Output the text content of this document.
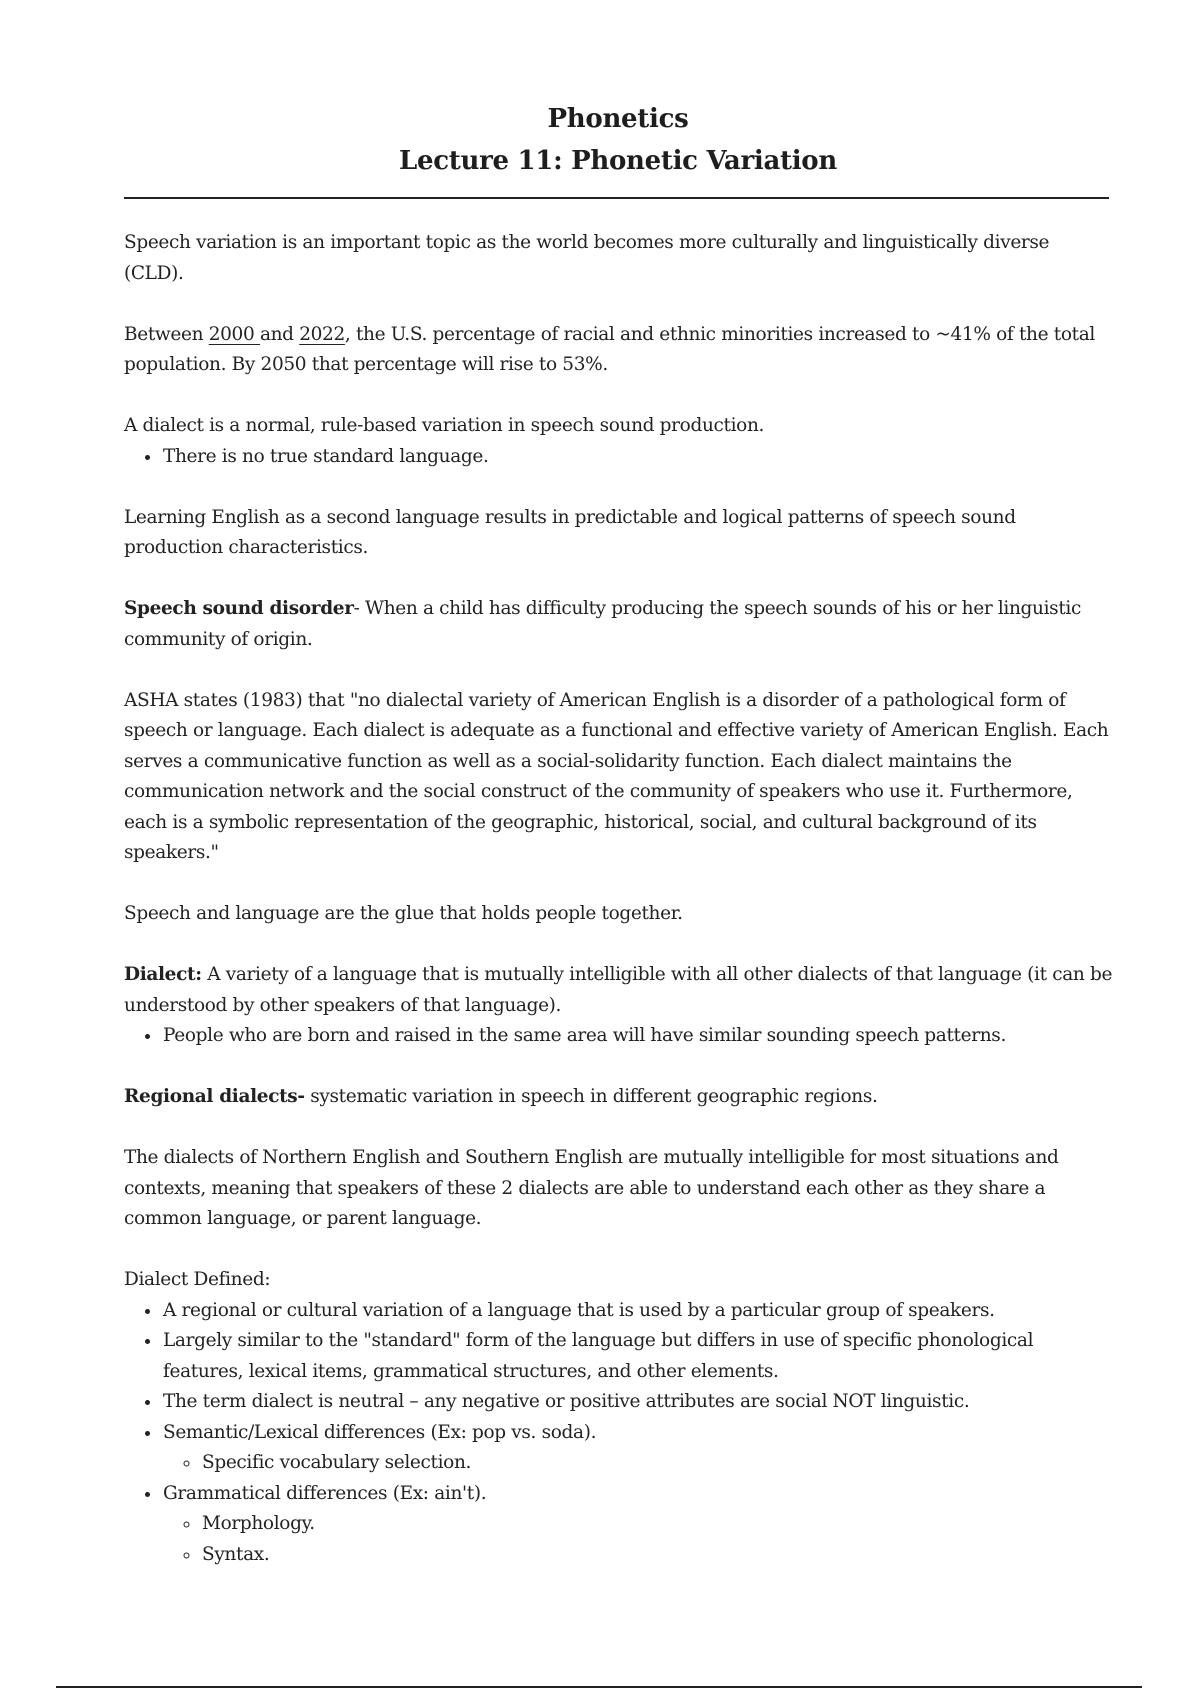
Phonetics
Lecture 11: Phonetic Variation

Speech variation is an important topic as the world becomes more culturally and linguistically diverse (CLD).

Between 2000 and 2022, the U.S. percentage of racial and ethnic minorities increased to ~41% of the total population. By 2050 that percentage will rise to 53%.

A dialect is a normal, rule-based variation in speech sound production.

• There is no true standard language.

Learning English as a second language results in predictable and logical patterns of speech sound production characteristics.

Speech sound disorder- When a child has difficulty producing the speech sounds of his or her linguistic community of origin.

ASHA states (1983) that "no dialectal variety of American English is a disorder of a pathological form of speech or language. Each dialect is adequate as a functional and effective variety of American English. Each serves a communicative function as well as a social-solidarity function. Each dialect maintains the communication network and the social construct of the community of speakers who use it. Furthermore, each is a symbolic representation of the geographic, historical, social, and cultural background of its speakers."

Speech and language are the glue that holds people together.

Dialect: A variety of a language that is mutually intelligible with all other dialects of that language (it can be understood by other speakers of that language).

• People who are born and raised in the same area will have similar sounding speech patterns.

Regional dialects- systematic variation in speech in different geographic regions.

The dialects of Northern English and Southern English are mutually intelligible for most situations and contexts, meaning that speakers of these 2 dialects are able to understand each other as they share a common language, or parent language.

Dialect Defined:

• A regional or cultural variation of a language that is used by a particular group of speakers.
• Largely similar to the "standard" form of the language but differs in use of specific phonological features, lexical items, grammatical structures, and other elements.
• The term dialect is neutral – any negative or positive attributes are social NOT linguistic.
• Semantic/Lexical differences (Ex: pop vs. soda).
◦ Specific vocabulary selection.
• Grammatical differences (Ex: ain't).
◦ Morphology.
◦ Syntax.
